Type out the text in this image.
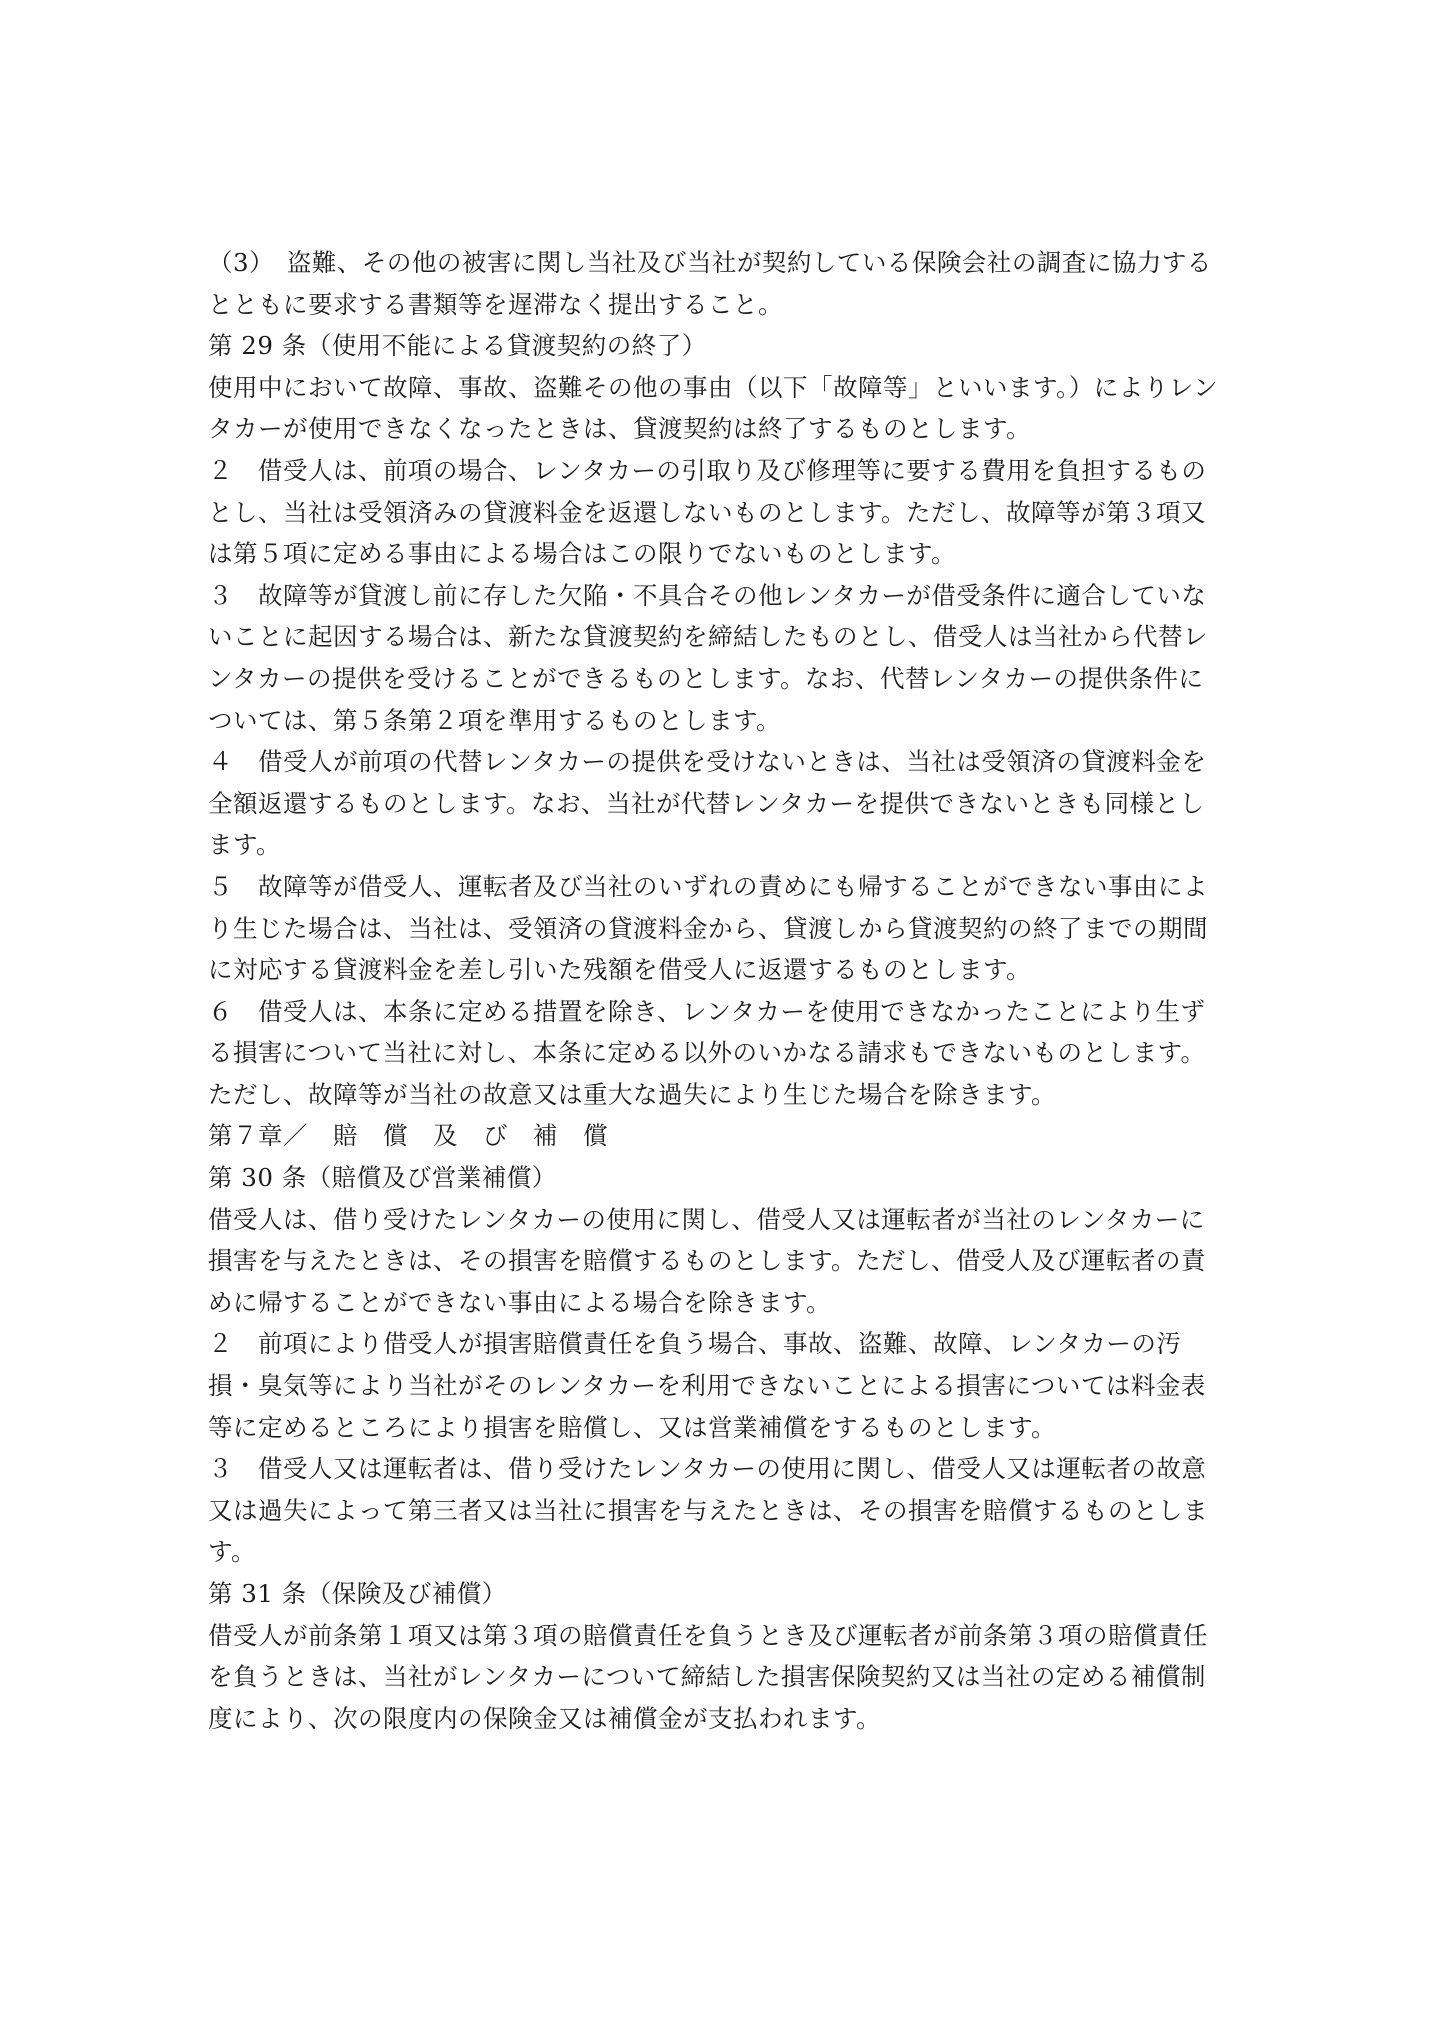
（3）　盗難、その他の被害に関し当社及び当社が契約している保険会社の調査に協力する
とともに要求する書類等を遅滞なく提出すること。
第 29 条（使用不能による貸渡契約の終了）
使用中において故障、事故、盗難その他の事由（以下「故障等」といいます。）によりレン
タカーが使用できなくなったときは、貸渡契約は終了するものとします。
２　借受人は、前項の場合、レンタカーの引取り及び修理等に要する費用を負担するもの
とし、当社は受領済みの貸渡料金を返還しないものとします。ただし、故障等が第３項又
は第５項に定める事由による場合はこの限りでないものとします。
３　故障等が貸渡し前に存した欠陥・不具合その他レンタカーが借受条件に適合していな
いことに起因する場合は、新たな貸渡契約を締結したものとし、借受人は当社から代替レ
ンタカーの提供を受けることができるものとします。なお、代替レンタカーの提供条件に
ついては、第５条第２項を準用するものとします。
４　借受人が前項の代替レンタカーの提供を受けないときは、当社は受領済の貸渡料金を
全額返還するものとします。なお、当社が代替レンタカーを提供できないときも同様とし
ます。
５　故障等が借受人、運転者及び当社のいずれの責めにも帰することができない事由によ
り生じた場合は、当社は、受領済の貸渡料金から、貸渡しから貸渡契約の終了までの期間
に対応する貸渡料金を差し引いた残額を借受人に返還するものとします。
６　借受人は、本条に定める措置を除き、レンタカーを使用できなかったことにより生ず
る損害について当社に対し、本条に定める以外のいかなる請求もできないものとします。
ただし、故障等が当社の故意又は重大な過失により生じた場合を除きます。
第７章／　賠　償　及　び　補　償
第 30 条（賠償及び営業補償）
借受人は、借り受けたレンタカーの使用に関し、借受人又は運転者が当社のレンタカーに
損害を与えたときは、その損害を賠償するものとします。ただし、借受人及び運転者の責
めに帰することができない事由による場合を除きます。
２　前項により借受人が損害賠償責任を負う場合、事故、盗難、故障、レンタカーの汚
損・臭気等により当社がそのレンタカーを利用できないことによる損害については料金表
等に定めるところにより損害を賠償し、又は営業補償をするものとします。
３　借受人又は運転者は、借り受けたレンタカーの使用に関し、借受人又は運転者の故意
又は過失によって第三者又は当社に損害を与えたときは、その損害を賠償するものとしま
す。
第 31 条（保険及び補償）
借受人が前条第１項又は第３項の賠償責任を負うとき及び運転者が前条第３項の賠償責任
を負うときは、当社がレンタカーについて締結した損害保険契約又は当社の定める補償制
度により、次の限度内の保険金又は補償金が支払われます。
